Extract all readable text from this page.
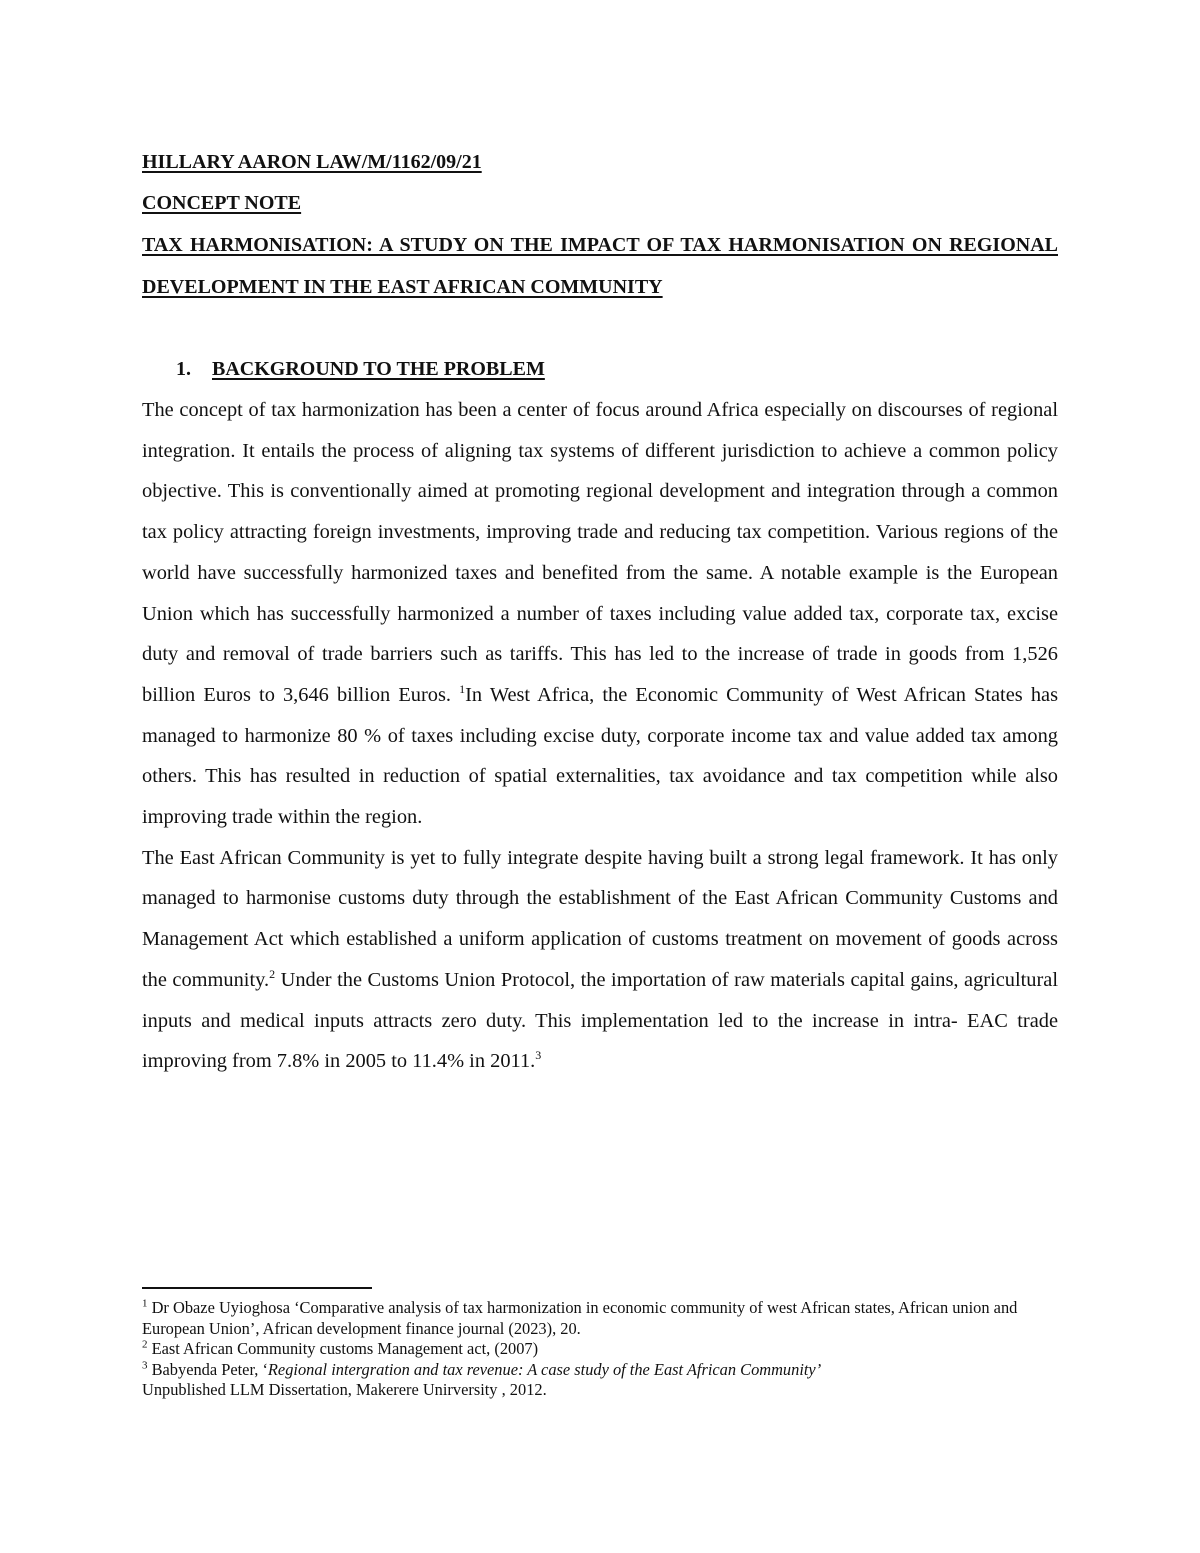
HILLARY AARON LAW/M/1162/09/21

CONCEPT NOTE

TAX HARMONISATION: A STUDY ON THE IMPACT OF TAX HARMONISATION ON REGIONAL DEVELOPMENT IN THE EAST AFRICAN COMMUNITY

1.	BACKGROUND TO THE PROBLEM

The concept of tax harmonization has been a center of focus around Africa especially on discourses of regional integration. It entails the process of aligning tax systems of different jurisdiction to achieve a common policy objective. This is conventionally aimed at promoting regional development and integration through a common tax policy attracting foreign investments, improving trade and reducing tax competition. Various regions of the world have successfully harmonized taxes and benefited from the same. A notable example is the European Union which has successfully harmonized a number of taxes including value added tax, corporate tax, excise duty and removal of trade barriers such as tariffs. This has led to the increase of trade in goods from 1,526 billion Euros to 3,646 billion Euros. $^1$In West Africa, the Economic Community of West African States has managed to harmonize 80 % of taxes including excise duty, corporate income tax and value added tax among others. This has resulted in reduction of spatial externalities, tax avoidance and tax competition while also improving trade within the region.

The East African Community is yet to fully integrate despite having built a strong legal framework. It has only managed to harmonise customs duty through the establishment of the East African Community Customs and Management Act which established a uniform application of customs treatment on movement of goods across the community.$^2$ Under the Customs Union Protocol, the importation of raw materials capital gains, agricultural inputs and medical inputs attracts zero duty. This implementation led to the increase in intra- EAC trade improving from 7.8% in 2005 to 11.4% in 2011.$^3$

$^1$ Dr Obaze Uyioghosa ‘Comparative analysis of tax harmonization in economic community of west African states, African union and European Union’, African development finance journal (2023), 20.

$^2$ East African Community customs Management act, (2007)

$^3$ Babyenda Peter, ‘Regional intergration and tax revenue: A case study of the East African Community’
Unpublished LLM Dissertation, Makerere Unirversity , 2012.
